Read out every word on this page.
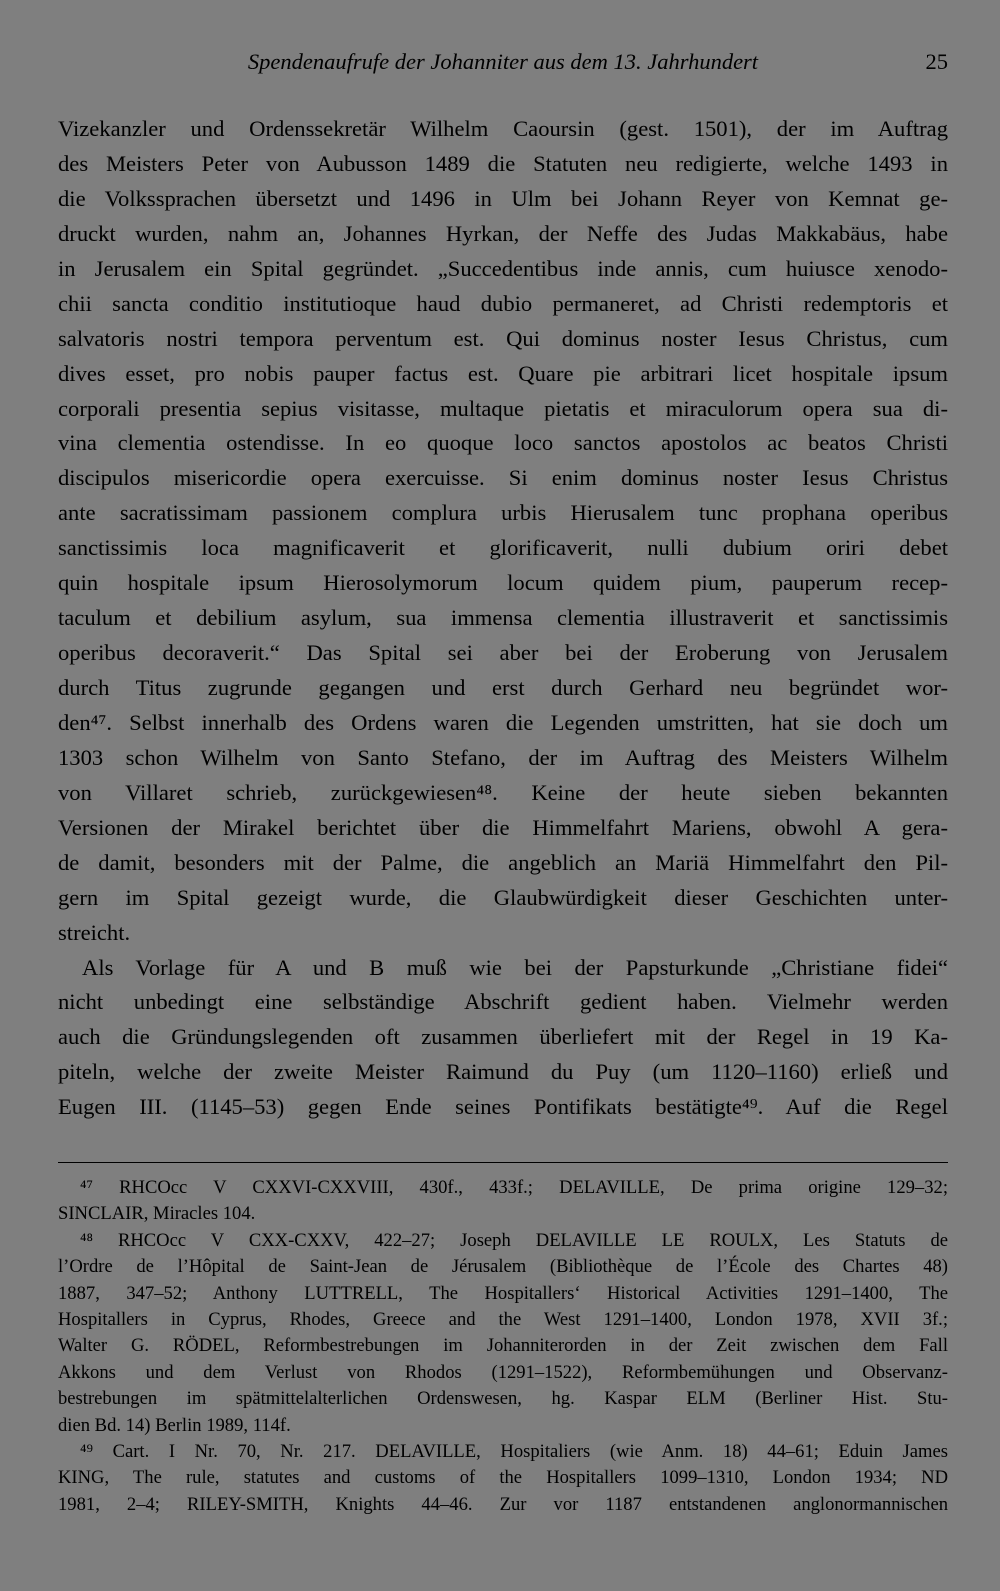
Spendenaufrufe der Johanniter aus dem 13. Jahrhundert	25
Vizekanzler und Ordenssekretär Wilhelm Caoursin (gest. 1501), der im Auftrag
des Meisters Peter von Aubusson 1489 die Statuten neu redigierte, welche 1493 in
die Volkssprachen übersetzt und 1496 in Ulm bei Johann Reyer von Kemnat ge-
druckt wurden, nahm an, Johannes Hyrkan, der Neffe des Judas Makkabäus, habe
in Jerusalem ein Spital gegründet. „Succedentibus inde annis, cum huiusce xenodo-
chii sancta conditio institutioque haud dubio permaneret, ad Christi redemptoris et
salvatoris nostri tempora perventum est. Qui dominus noster Iesus Christus, cum
dives esset, pro nobis pauper factus est. Quare pie arbitrari licet hospitale ipsum
corporali presentia sepius visitasse, multaque pietatis et miraculorum opera sua di-
vina clementia ostendisse. In eo quoque loco sanctos apostolos ac beatos Christi
discipulos misericordie opera exercuisse. Si enim dominus noster Iesus Christus
ante sacratissimam passionem complura urbis Hierusalem tunc prophana operibus
sanctissimis loca magnificaverit et glorificaverit, nulli dubium oriri debet
quin hospitale ipsum Hierosolymorum locum quidem pium, pauperum recep-
taculum et debilium asylum, sua immensa clementia illustraverit et sanctissimis
operibus decoraverit.“ Das Spital sei aber bei der Eroberung von Jerusalem
durch Titus zugrunde gegangen und erst durch Gerhard neu begründet wor-
den⁴⁷. Selbst innerhalb des Ordens waren die Legenden umstritten, hat sie doch um
1303 schon Wilhelm von Santo Stefano, der im Auftrag des Meisters Wilhelm
von Villaret schrieb, zurückgewiesen⁴⁸. Keine der heute sieben bekannten
Versionen der Mirakel berichtet über die Himmelfahrt Mariens, obwohl A gera-
de damit, besonders mit der Palme, die angeblich an Mariä Himmelfahrt den Pil-
gern im Spital gezeigt wurde, die Glaubwürdigkeit dieser Geschichten unter-
streicht.
Als Vorlage für A und B muß wie bei der Papsturkunde „Christiane fidei“
nicht unbedingt eine selbständige Abschrift gedient haben. Vielmehr werden
auch die Gründungslegenden oft zusammen überliefert mit der Regel in 19 Ka-
piteln, welche der zweite Meister Raimund du Puy (um 1120–1160) erließ und
Eugen III. (1145–53) gegen Ende seines Pontifikats bestätigte⁴⁹. Auf die Regel
⁴⁷ RHCOcc V CXXVI-CXXVIII, 430f., 433f.; DELAVILLE, De prima origine 129–32;
SINCLAIR, Miracles 104.
⁴⁸ RHCOcc V CXX-CXXV, 422–27; Joseph DELAVILLE LE ROULX, Les Statuts de
l’Ordre de l’Hôpital de Saint-Jean de Jérusalem (Bibliothèque de l’École des Chartes 48)
1887, 347–52; Anthony LUTTRELL, The Hospitallers‘ Historical Activities 1291–1400, The
Hospitallers in Cyprus, Rhodes, Greece and the West 1291–1400, London 1978, XVII 3f.;
Walter G. RÖDEL, Reformbestrebungen im Johanniterorden in der Zeit zwischen dem Fall
Akkons und dem Verlust von Rhodos (1291–1522), Reformbemühungen und Observanz-
bestrebungen im spätmittelalterlichen Ordenswesen, hg. Kaspar ELM (Berliner Hist. Stu-
dien Bd. 14) Berlin 1989, 114f.
⁴⁹ Cart. I Nr. 70, Nr. 217. DELAVILLE, Hospitaliers (wie Anm. 18) 44–61; Eduin James
KING, The rule, statutes and customs of the Hospitallers 1099–1310, London 1934; ND
1981, 2–4; RILEY-SMITH, Knights 44–46. Zur vor 1187 entstandenen anglonormannischen
